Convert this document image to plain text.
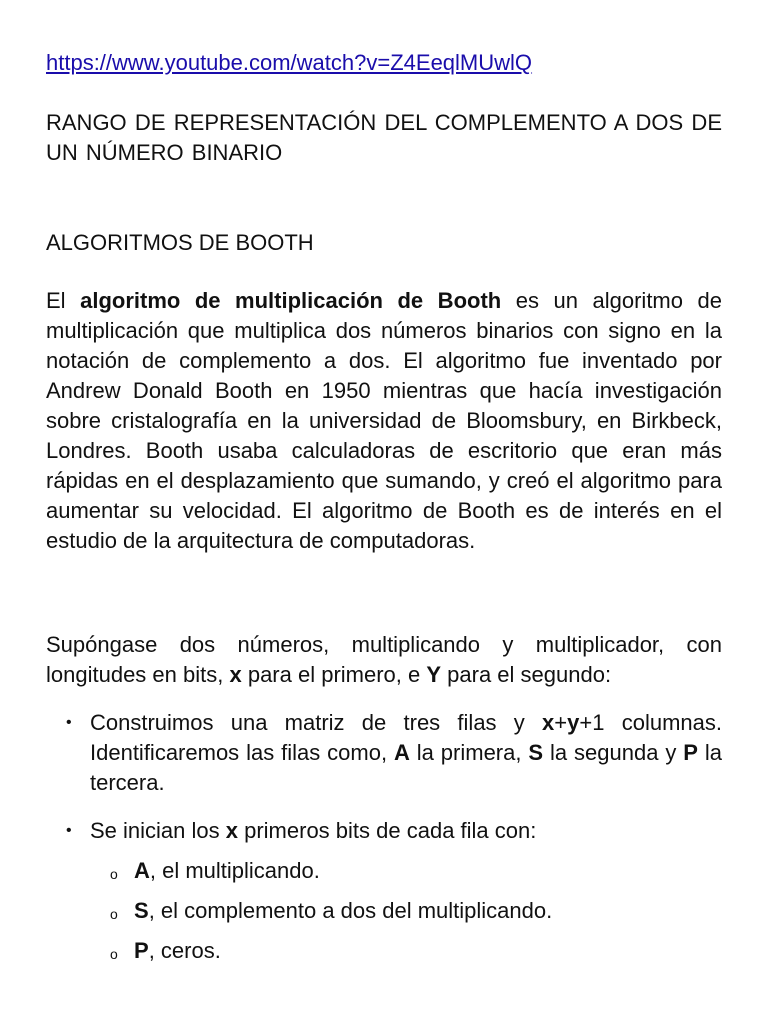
https://www.youtube.com/watch?v=Z4EeqlMUwlQ
RANGO DE REPRESENTACIÓN DEL COMPLEMENTO A DOS DE UN NÚMERO BINARIO
ALGORITMOS DE BOOTH

El algoritmo de multiplicación de Booth es un algoritmo de multiplicación que multiplica dos números binarios con signo en la notación de complemento a dos. El algoritmo fue inventado por Andrew Donald Booth en 1950 mientras que hacía investigación sobre cristalografía en la universidad de Bloomsbury, en Birkbeck, Londres. Booth usaba calculadoras de escritorio que eran más rápidas en el desplazamiento que sumando, y creó el algoritmo para aumentar su velocidad. El algoritmo de Booth es de interés en el estudio de la arquitectura de computadoras.

Supóngase dos números, multiplicando y multiplicador, con longitudes en bits, x para el primero, e Y para el segundo:

• Construimos una matriz de tres filas y x+y+1 columnas. Identificaremos las filas como, A la primera, S la segunda y P la tercera.
• Se inician los x primeros bits de cada fila con:
o A, el multiplicando.
o S, el complemento a dos del multiplicando.
o P, ceros.
